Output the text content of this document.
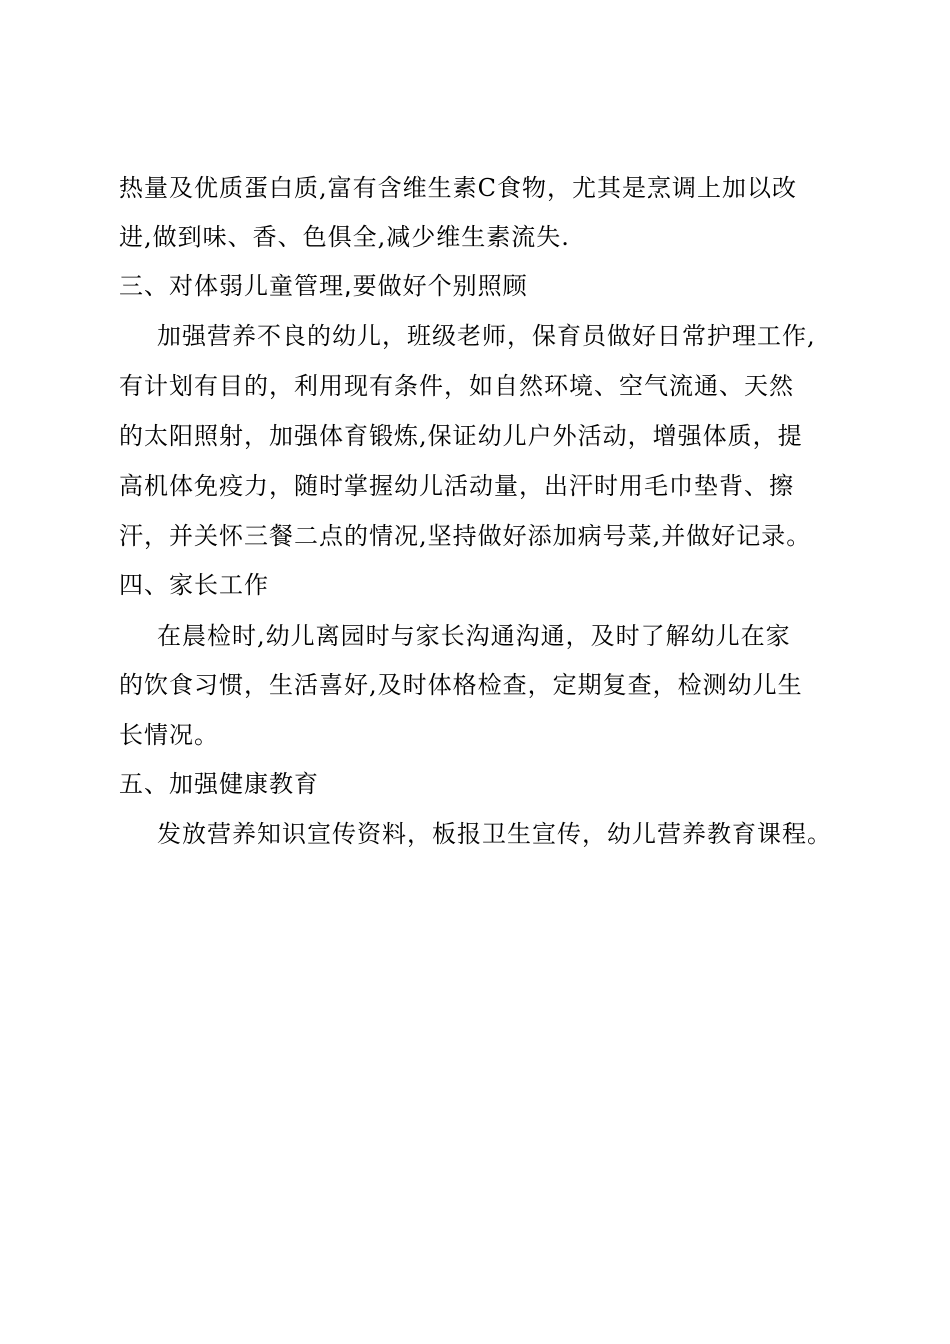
热量及优质蛋白质,富有含维生素C食物，尤其是烹调上加以改
进,做到味、香、色俱全,减少维生素流失.
三、对体弱儿童管理,要做好个别照顾
加强营养不良的幼儿，班级老师，保育员做好日常护理工作,
有计划有目的，利用现有条件，如自然环境、空气流通、天然
的太阳照射，加强体育锻炼,保证幼儿户外活动，增强体质，提
高机体免疫力，随时掌握幼儿活动量，出汗时用毛巾垫背、擦
汗，并关怀三餐二点的情况,坚持做好添加病号菜,并做好记录。
四、家长工作
在晨检时,幼儿离园时与家长沟通沟通，及时了解幼儿在家
的饮食习惯，生活喜好,及时体格检查，定期复查，检测幼儿生
长情况。
五、加强健康教育
发放营养知识宣传资料，板报卫生宣传，幼儿营养教育课程。
